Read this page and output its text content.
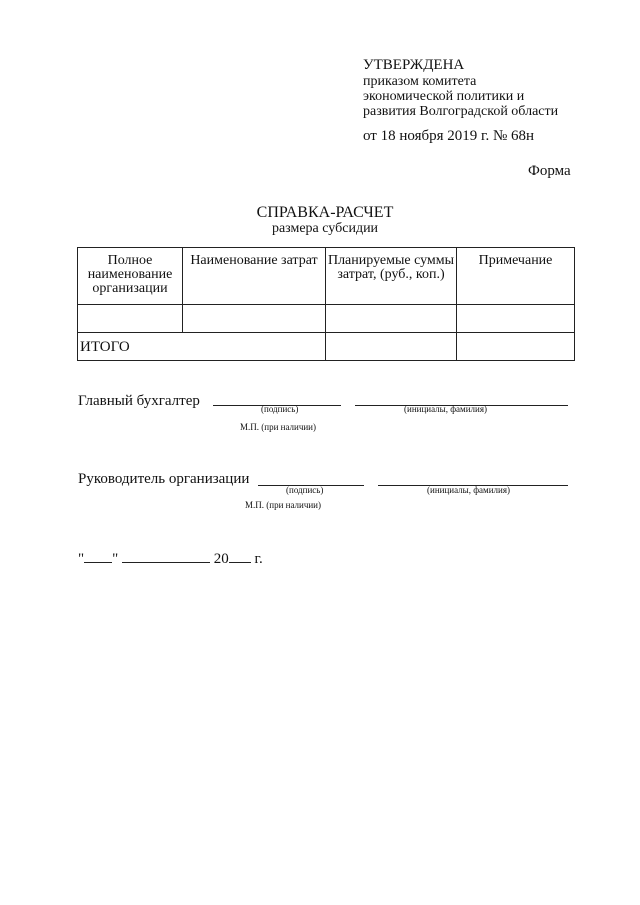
УТВЕРЖДЕНА
приказом комитета
экономической политики и
развития Волгоградской области
от 18 ноября 2019 г. № 68н
Форма
СПРАВКА-РАСЧЕТ
размера субсидии
Полное наименование организации	Наименование затрат	Планируемые суммы затрат, (руб., коп.)	Примечание

ИТОГО			
Главный бухгалтер	(подпись)	(инициалы, фамилия)
М.П. (при наличии)
Руководитель организации
(подпись)	(инициалы, фамилия)
М.П. (при наличии)
" "	20 г.
